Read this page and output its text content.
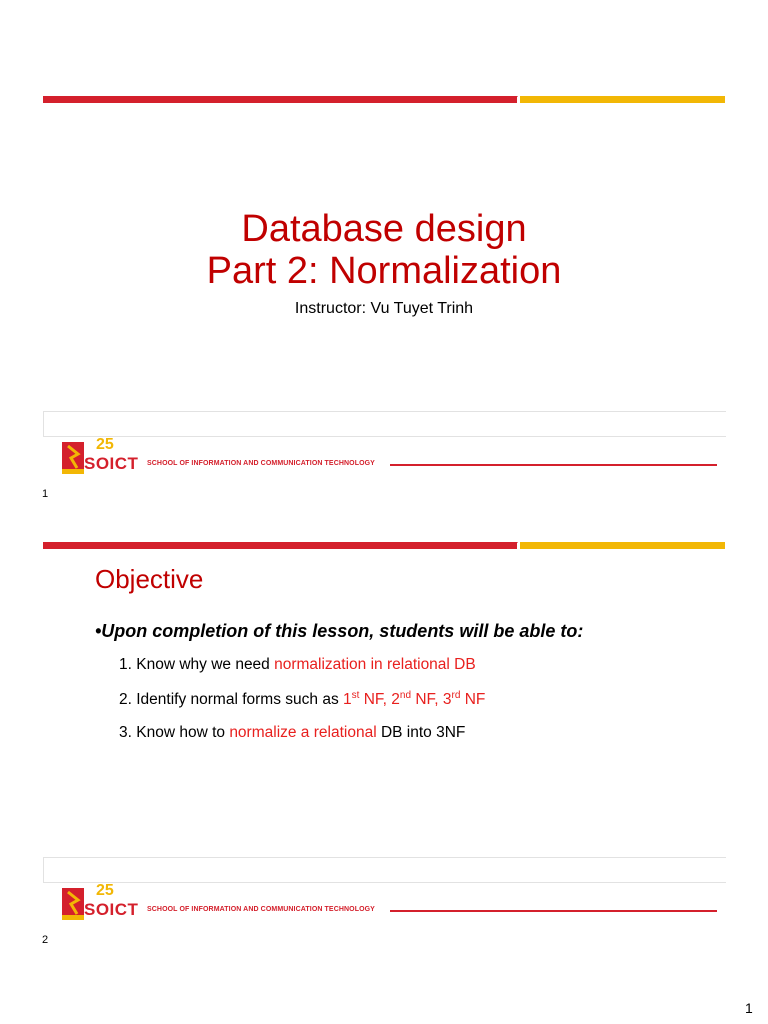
Database design
Part 2: Normalization
Instructor: Vu Tuyet Trinh
25
SOICT SCHOOL OF INFORMATION AND COMMUNICATION TECHNOLOGY
1
Objective
•Upon completion of this lesson, students will be able to:
1. Know why we need normalization in relational DB
2. Identify normal forms such as 1st NF, 2nd NF, 3rd NF
3. Know how to normalize a relational DB into 3NF
25
SOICT SCHOOL OF INFORMATION AND COMMUNICATION TECHNOLOGY
2
1
